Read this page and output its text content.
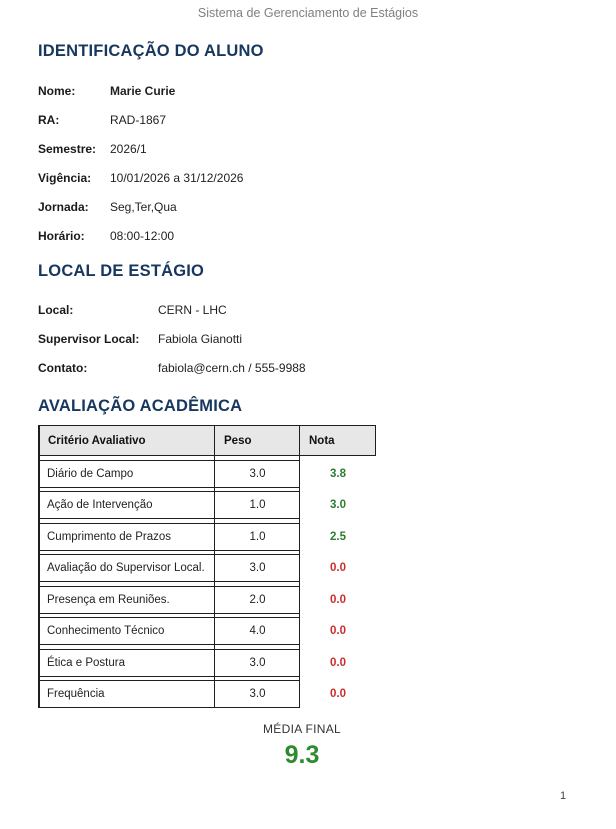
Sistema de Gerenciamento de Estágios
IDENTIFICAÇÃO DO ALUNO
Nome:	Marie Curie
RA:	RAD-1867
Semestre:	2026/1
Vigência:	10/01/2026 a 31/12/2026
Jornada:	Seg,Ter,Qua
Horário:	08:00-12:00
LOCAL DE ESTÁGIO
Local:	CERN - LHC
Supervisor Local:	Fabiola Gianotti
Contato:	fabiola@cern.ch / 555-9988
AVALIAÇÃO ACADÊMICA
Critério Avaliativo	Peso	Nota
Diário de Campo	3.0	3.8
Ação de Intervenção	1.0	3.0
Cumprimento de Prazos	1.0	2.5
Avaliação do Supervisor Local.	3.0	0.0
Presença em Reuniões.	2.0	0.0
Conhecimento Técnico	4.0	0.0
Ética e Postura	3.0	0.0
Frequência	3.0	0.0
MÉDIA FINAL
9.3
1
